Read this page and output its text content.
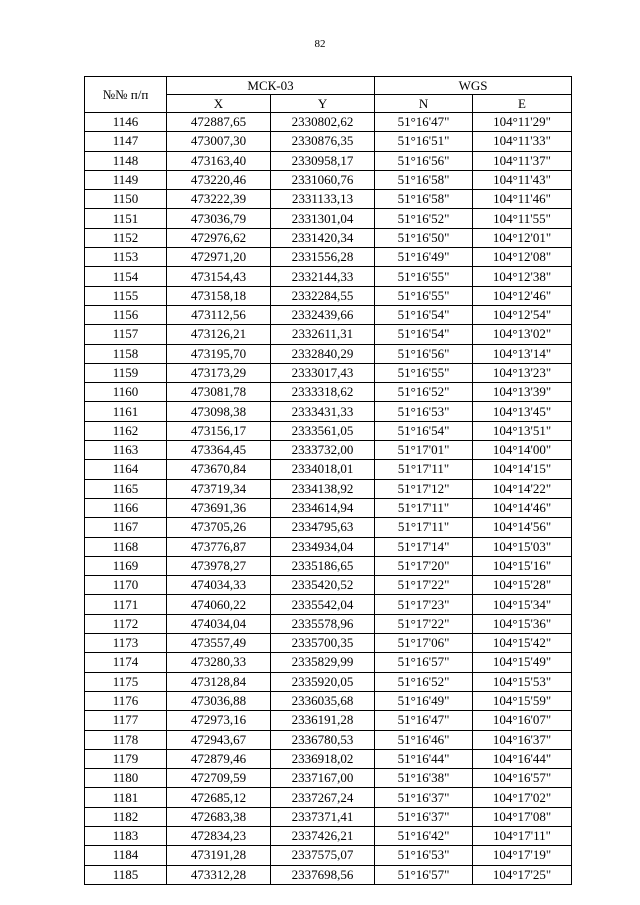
82
№№ п/п	МСК-03		WGS	
	X	Y	N	E
1146	472887,65	2330802,62	51°16'47"	104°11'29"
1147	473007,30	2330876,35	51°16'51"	104°11'33"
1148	473163,40	2330958,17	51°16'56"	104°11'37"
1149	473220,46	2331060,76	51°16'58"	104°11'43"
1150	473222,39	2331133,13	51°16'58"	104°11'46"
1151	473036,79	2331301,04	51°16'52"	104°11'55"
1152	472976,62	2331420,34	51°16'50"	104°12'01"
1153	472971,20	2331556,28	51°16'49"	104°12'08"
1154	473154,43	2332144,33	51°16'55"	104°12'38"
1155	473158,18	2332284,55	51°16'55"	104°12'46"
1156	473112,56	2332439,66	51°16'54"	104°12'54"
1157	473126,21	2332611,31	51°16'54"	104°13'02"
1158	473195,70	2332840,29	51°16'56"	104°13'14"
1159	473173,29	2333017,43	51°16'55"	104°13'23"
1160	473081,78	2333318,62	51°16'52"	104°13'39"
1161	473098,38	2333431,33	51°16'53"	104°13'45"
1162	473156,17	2333561,05	51°16'54"	104°13'51"
1163	473364,45	2333732,00	51°17'01"	104°14'00"
1164	473670,84	2334018,01	51°17'11"	104°14'15"
1165	473719,34	2334138,92	51°17'12"	104°14'22"
1166	473691,36	2334614,94	51°17'11"	104°14'46"
1167	473705,26	2334795,63	51°17'11"	104°14'56"
1168	473776,87	2334934,04	51°17'14"	104°15'03"
1169	473978,27	2335186,65	51°17'20"	104°15'16"
1170	474034,33	2335420,52	51°17'22"	104°15'28"
1171	474060,22	2335542,04	51°17'23"	104°15'34"
1172	474034,04	2335578,96	51°17'22"	104°15'36"
1173	473557,49	2335700,35	51°17'06"	104°15'42"
1174	473280,33	2335829,99	51°16'57"	104°15'49"
1175	473128,84	2335920,05	51°16'52"	104°15'53"
1176	473036,88	2336035,68	51°16'49"	104°15'59"
1177	472973,16	2336191,28	51°16'47"	104°16'07"
1178	472943,67	2336780,53	51°16'46"	104°16'37"
1179	472879,46	2336918,02	51°16'44"	104°16'44"
1180	472709,59	2337167,00	51°16'38"	104°16'57"
1181	472685,12	2337267,24	51°16'37"	104°17'02"
1182	472683,38	2337371,41	51°16'37"	104°17'08"
1183	472834,23	2337426,21	51°16'42"	104°17'11"
1184	473191,28	2337575,07	51°16'53"	104°17'19"
1185	473312,28	2337698,56	51°16'57"	104°17'25"
